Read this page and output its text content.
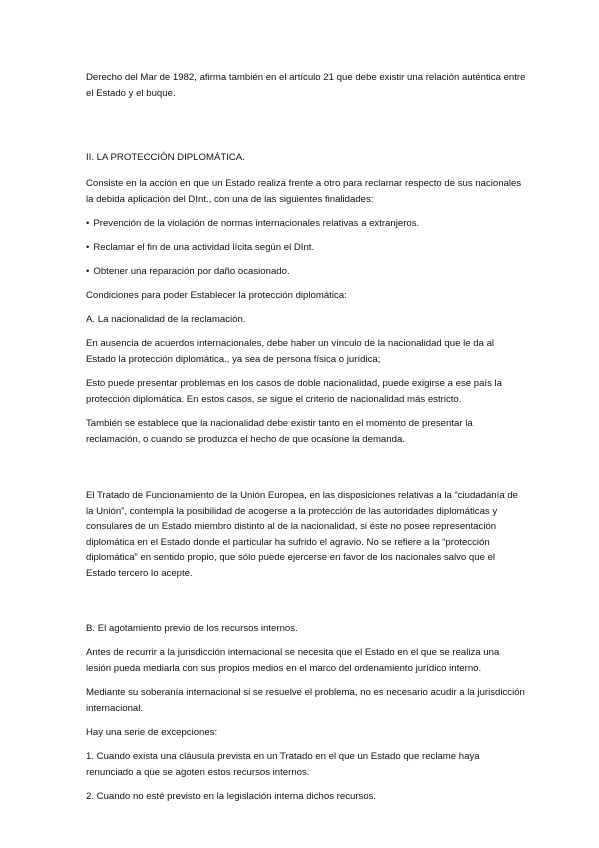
Derecho del Mar de 1982, afirma también en el artículo 21 que debe existir una relación auténtica entre el Estado y el buque.

II. LA PROTECCIÓN DIPLOMÁTICA.

Consiste en la acción en que un Estado realiza frente a otro para reclamar respecto de sus nacionales la debida aplicación del DInt., con una de las siguientes finalidades:

• Prevención de la violación de normas internacionales relativas a extranjeros.

• Reclamar el fin de una actividad lícita según el DInt.

• Obtener una reparación por daño ocasionado.

Condiciones para poder Establecer la protección diplomática:

A. La nacionalidad de la reclamación.

En ausencia de acuerdos internacionales, debe haber un vínculo de la nacionalidad que le da al Estado la protección diplomática., ya sea de persona física o jurídica;

Esto puede presentar problemas en los casos de doble nacionalidad, puede exigirse a ese país la protección diplomática. En estos casos, se sigue el criterio de nacionalidad más estricto.

También se establece que la nacionalidad debe existir tanto en el momento de presentar la reclamación, o cuando se produzca el hecho de que ocasione la demanda.

El Tratado de Funcionamiento de la Unión Europea, en las disposiciones relativas a la “ciudadanía de la Unión”, contempla la posibilidad de acogerse a la protección de las autoridades diplomáticas y consulares de un Estado miembro distinto al de la nacionalidad, si éste no posee representación diplomática en el Estado donde el particular ha sufrido el agravio. No se refiere a la “protección diplomática” en sentido propio, que sólo puede ejercerse en favor de los nacionales salvo que el Estado tercero lo acepte.

B. El agotamiento previo de los recursos internos.

Antes de recurrir a la jurisdicción internacional se necesita que el Estado en el que se realiza una lesión pueda mediarla con sus propios medios en el marco del ordenamiento jurídico interno.

Mediante su soberanía internacional si se resuelve el problema, no es necesario acudir a la jurisdicción internacional.

Hay una serie de excepciones:

1. Cuando exista una cláusula prevista en un Tratado en el que un Estado que reclame haya renunciado a que se agoten estos recursos internos.

2. Cuando no esté previsto en la legislación interna dichos recursos.
